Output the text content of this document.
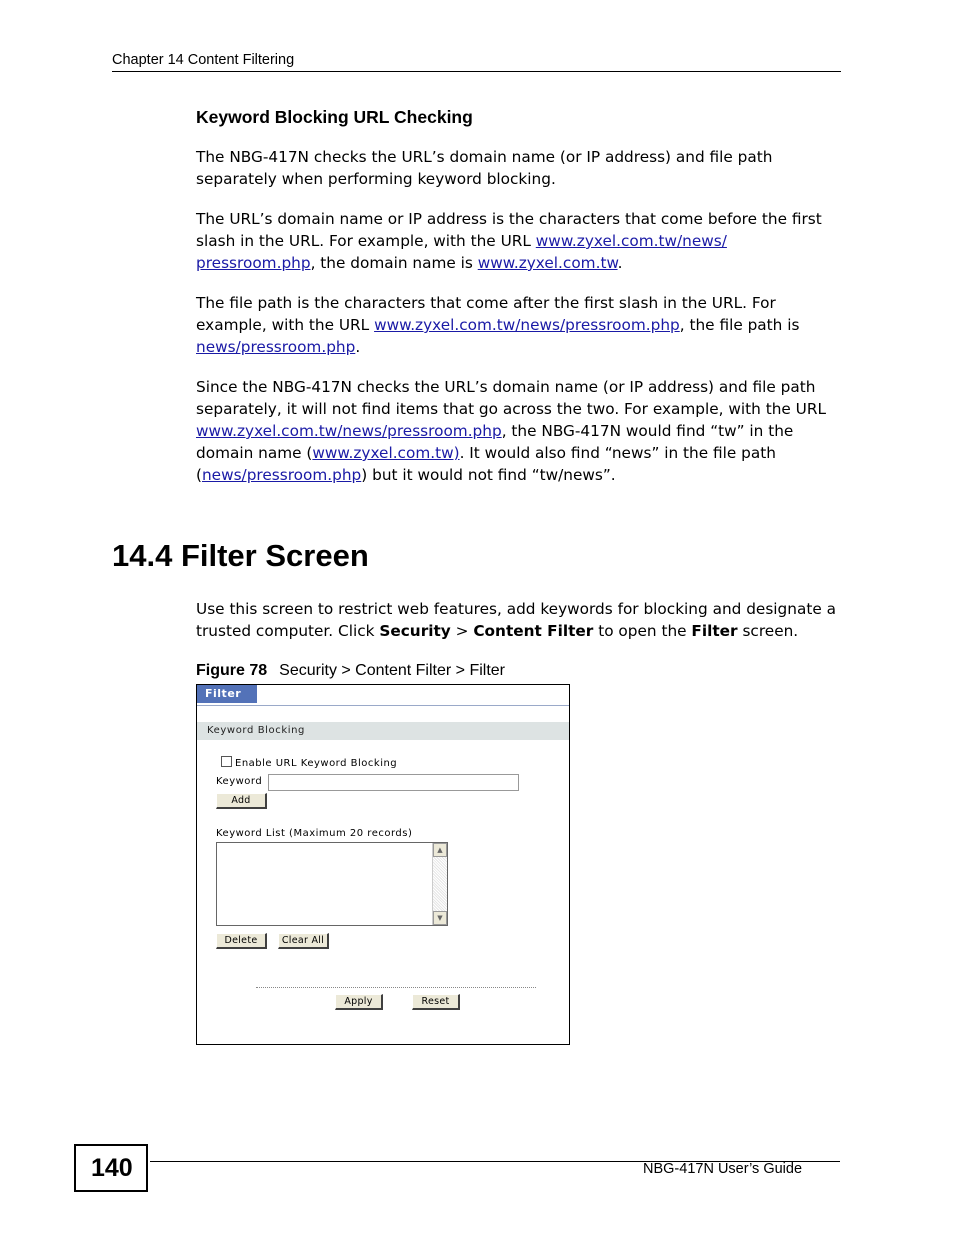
Chapter 14 Content Filtering
Keyword Blocking URL Checking
The NBG-417N checks the URL’s domain name (or IP address) and file path separately when performing keyword blocking.
The URL’s domain name or IP address is the characters that come before the first slash in the URL. For example, with the URL www.zyxel.com.tw/news/
pressroom.php, the domain name is www.zyxel.com.tw.
The file path is the characters that come after the first slash in the URL. For example, with the URL www.zyxel.com.tw/news/pressroom.php, the file path is news/pressroom.php.
Since the NBG-417N checks the URL’s domain name (or IP address) and file path separately, it will not find items that go across the two. For example, with the URL www.zyxel.com.tw/news/pressroom.php, the NBG-417N would find “tw” in the domain name (www.zyxel.com.tw). It would also find “news” in the file path (news/pressroom.php) but it would not find “tw/news”.
14.4 Filter Screen
Use this screen to restrict web features, add keywords for blocking and designate a trusted computer. Click Security > Content Filter to open the Filter screen.
Figure 78 Security > Content Filter > Filter
Filter
Keyword Blocking
Enable URL Keyword Blocking
Keyword
Add
Keyword List (Maximum 20 records)
▲
▼
Delete	Clear All
Apply	Reset
140	NBG-417N User’s Guide
